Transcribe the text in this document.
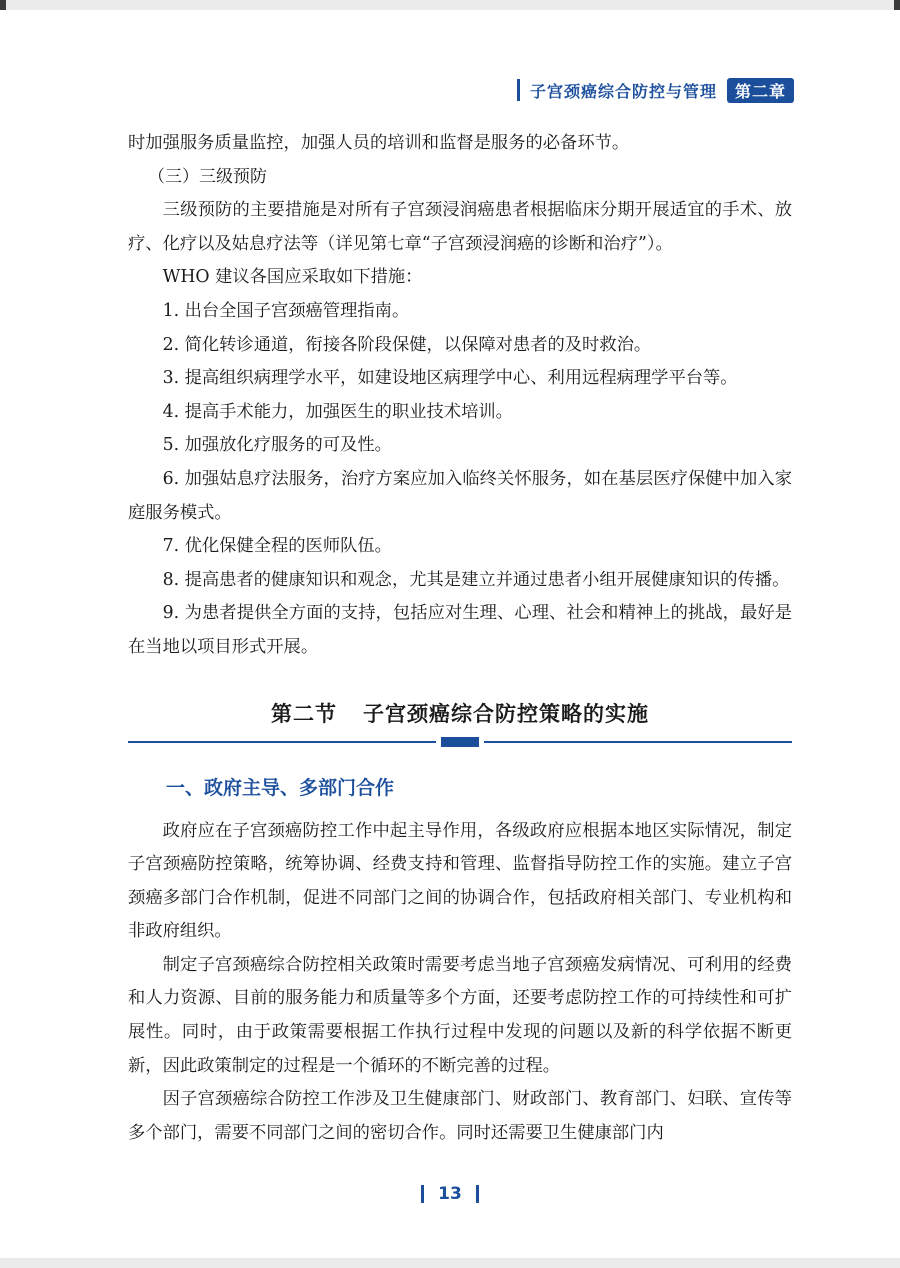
子宫颈癌综合防控与管理	第二章

时加强服务质量监控，加强人员的培训和监督是服务的必备环节。

（三）三级预防

三级预防的主要措施是对所有子宫颈浸润癌患者根据临床分期开展适宜的手术、放疗、化疗以及姑息疗法等（详见第七章“子宫颈浸润癌的诊断和治疗”）。

WHO 建议各国应采取如下措施：

1. 出台全国子宫颈癌管理指南。

2. 简化转诊通道，衔接各阶段保健，以保障对患者的及时救治。

3. 提高组织病理学水平，如建设地区病理学中心、利用远程病理学平台等。

4. 提高手术能力，加强医生的职业技术培训。

5. 加强放化疗服务的可及性。

6. 加强姑息疗法服务，治疗方案应加入临终关怀服务，如在基层医疗保健中加入家庭服务模式。

7. 优化保健全程的医师队伍。

8. 提高患者的健康知识和观念，尤其是建立并通过患者小组开展健康知识的传播。

9. 为患者提供全方面的支持，包括应对生理、心理、社会和精神上的挑战，最好是在当地以项目形式开展。

第二节 子宫颈癌综合防控策略的实施
一、政府主导、多部门合作

政府应在子宫颈癌防控工作中起主导作用，各级政府应根据本地区实际情况，制定子宫颈癌防控策略，统筹协调、经费支持和管理、监督指导防控工作的实施。建立子宫颈癌多部门合作机制，促进不同部门之间的协调合作，包括政府相关部门、专业机构和非政府组织。

制定子宫颈癌综合防控相关政策时需要考虑当地子宫颈癌发病情况、可利用的经费和人力资源、目前的服务能力和质量等多个方面，还要考虑防控工作的可持续性和可扩展性。同时，由于政策需要根据工作执行过程中发现的问题以及新的科学依据不断更新，因此政策制定的过程是一个循环的不断完善的过程。

因子宫颈癌综合防控工作涉及卫生健康部门、财政部门、教育部门、妇联、宣传等多个部门，需要不同部门之间的密切合作。同时还需要卫生健康部门内

13
